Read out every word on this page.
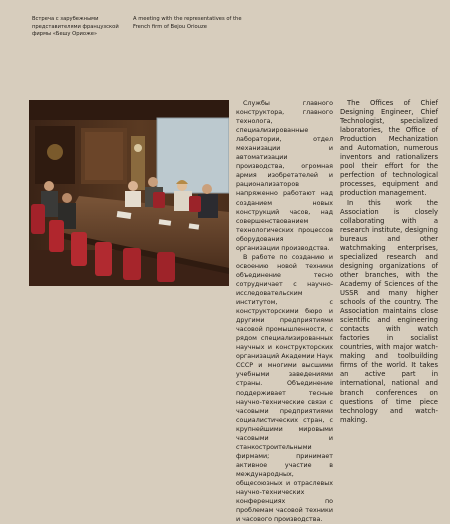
Встреча с зарубежными представителями французской фирмы «Бешу Ориоже»
A meeting with the representatives of the French firm of Bejou Oriouze

Службы главного конструктора, главного технолога, специализированные лаборатории, отдел механизации и автоматизации производства, огромная армия изобретателей и рационализаторов напряженно работают над созданием новых конструкций часов, над совершенствованием технологических процессов оборудования и организации производства.

В работе по созданию и освоению новой техники объединение тесно сотрудничает с научно-исследовательским институтом, с конструкторскими бюро и другими предприятиями часовой промышленности, с рядом специализированных научных и конструкторских организаций Академии Наук СССР и многими высшими учебными заведениями страны. Объединение поддерживает тесные научно-технические связи с часовыми предприятиями социалистических стран, с крупнейшими мировыми часовыми и станкостроительными фирмами; принимает активное участие в международных, общесоюзных и отраслевых научно-технических конференциях по проблемам часовой техники и часового производства.

The Offices of Chief Designing Engineer, Chief Technologist, specialized laboratories, the Office of Production Mechanization and Automation, numerous inventors and rationalizers pool their effort for the perfection of technological processes, equipment and production management.

In this work the Association is closely collaborating with a research institute, designing bureaus and other watchmaking enterprises, specialized research and designing organizations of other branches, with the Academy of Sciences of the USSR and many higher schools of the country. The Association maintains close scientific and engineering contacts with watch factories in socialist countries, with major watch-making and toolbuilding firms of the world. It takes an active part in international, national and branch conferences on questions of time piece technology and watch-making.
